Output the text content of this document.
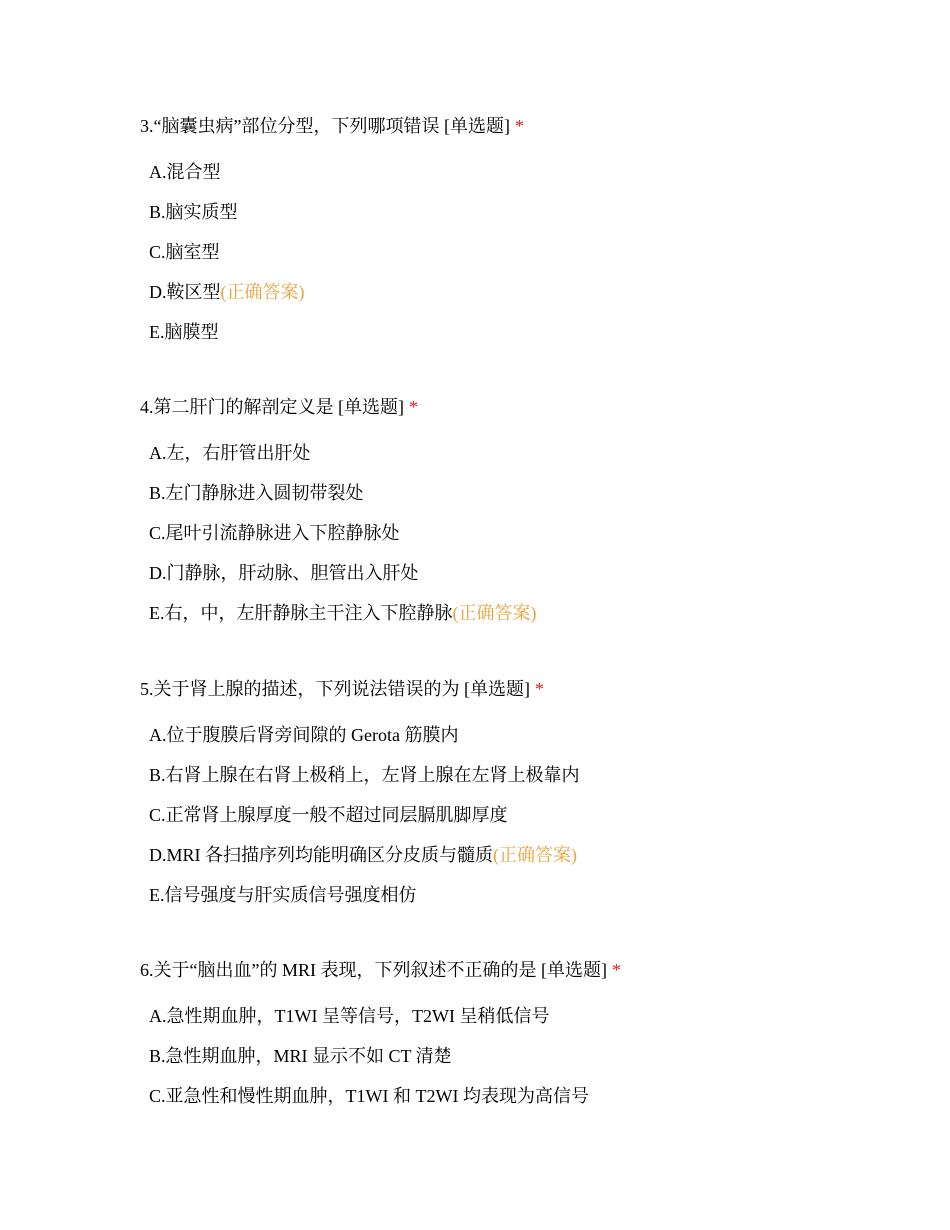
3.“脑囊虫病”部位分型，下列哪项错误 [单选题] *
A.混合型
B.脑实质型
C.脑室型
D.鞍区型(正确答案)
E.脑膜型
4.第二肝门的解剖定义是 [单选题] *
A.左，右肝管出肝处
B.左门静脉进入圆韧带裂处
C.尾叶引流静脉进入下腔静脉处
D.门静脉，肝动脉、胆管出入肝处
E.右，中，左肝静脉主干注入下腔静脉(正确答案)
5.关于肾上腺的描述，下列说法错误的为 [单选题] *
A.位于腹膜后肾旁间隙的 Gerota 筋膜内
B.右肾上腺在右肾上极稍上，左肾上腺在左肾上极靠内
C.正常肾上腺厚度一般不超过同层膈肌脚厚度
D.MRI 各扫描序列均能明确区分皮质与髓质(正确答案)
E.信号强度与肝实质信号强度相仿
6.关于“脑出血”的 MRI 表现，下列叙述不正确的是 [单选题] *
A.急性期血肿，T1WI 呈等信号，T2WI 呈稍低信号
B.急性期血肿，MRI 显示不如 CT 清楚
C.亚急性和慢性期血肿，T1WI 和 T2WI 均表现为高信号
